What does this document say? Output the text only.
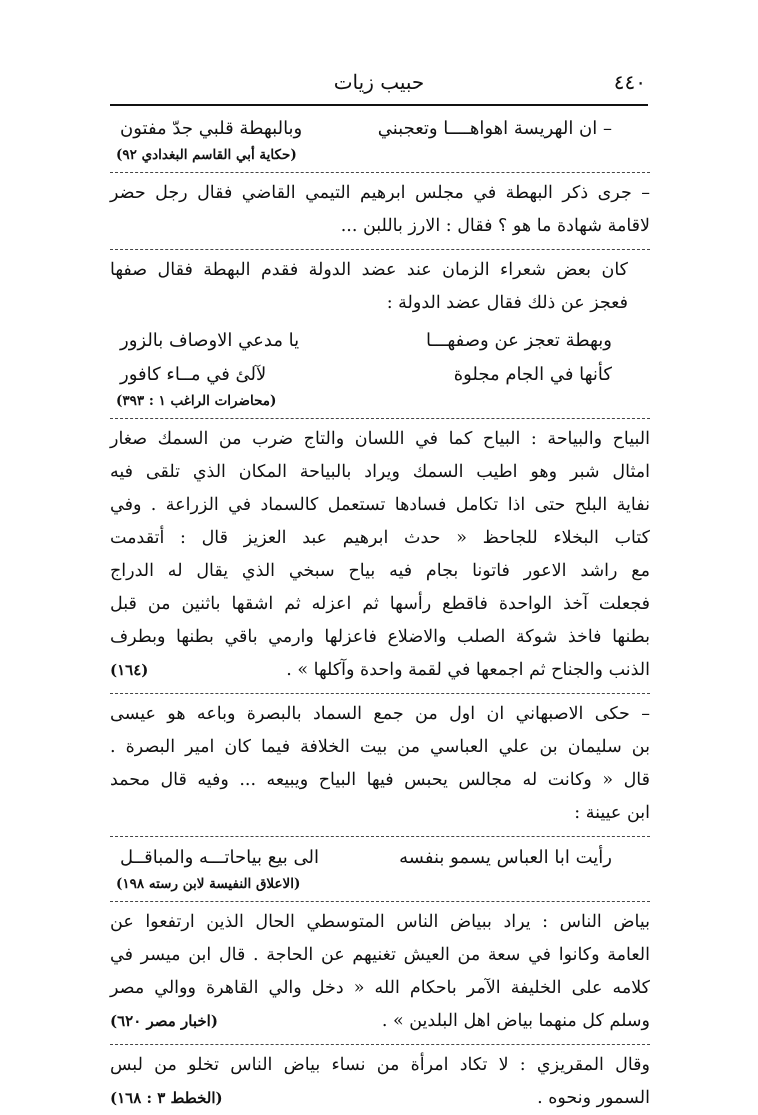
٤٤٠
حبيب زيات
– ان الهريسة اهواهــــا وتعجبني
وبالبهطة قلبي جدّ مفتون
(حكاية أبي القاسم البغدادي ٩٢)
– جرى ذكر البهطة في مجلس ابرهيم التيمي القاضي فقال رجل حضر
لاقامة شهادة ما هو ؟ فقال : الارز باللبن ...
كان بعض شعراء الزمان عند عضد الدولة فقدم البهطة فقال صفها
فعجز عن ذلك فقال عضد الدولة :
وبهطة تعجز عن وصفهـــا
يا مدعي الاوصاف بالزور
كأنها في الجام مجلوة
لآلئ في مــاء كافور
(محاضرات الراغب ١ : ٣٩٣)
البياح والبياحة : البياح كما في اللسان والتاج ضرب من السمك صغار
امثال شبر وهو اطيب السمك ويراد بالبياحة المكان الذي تلقى فيه
نفاية البلح حتى اذا تكامل فسادها تستعمل كالسماد في الزراعة . وفي
كتاب البخلاء للجاحظ « حدث ابرهيم عبد العزيز قال : أتقدمت
مع راشد الاعور فاتونا بجام فيه بياح سبخي الذي يقال له الدراج
فجعلت آخذ الواحدة فاقطع رأسها ثم اعزله ثم اشقها باثنين من قبل
بطنها فاخذ شوكة الصلب والاضلاع فاعزلها وارمي باقي بطنها وبطرف
الذنب والجناح ثم اجمعها في لقمة واحدة وآكلها » .
(١٦٤)
– حكى الاصبهاني ان اول من جمع السماد بالبصرة وباعه هو عيسى
بن سليمان بن علي العباسي من بيت الخلافة فيما كان امير البصرة .
قال « وكانت له مجالس يحبس فيها البياح ويبيعه ... وفيه قال محمد
ابن عيينة :
رأيت ابا العباس يسمو بنفسه
الى بيع بياحاتـــه والمباقــل
(الاعلاق النفيسة لابن رسته ١٩٨)
بياض الناس : يراد ببياض الناس المتوسطي الحال الذين ارتفعوا عن
العامة وكانوا في سعة من العيش تغنيهم عن الحاجة . قال ابن ميسر في
كلامه على الخليفة الآمر باحكام الله « دخل والي القاهرة ووالي مصر
وسلم كل منهما بياض اهل البلدين » .
(اخبار مصر ٦٢٠)
وقال المقريزي : لا تكاد امرأة من نساء بياض الناس تخلو من لبس
السمور ونحوه .
(الخطط ٣ : ١٦٨)
